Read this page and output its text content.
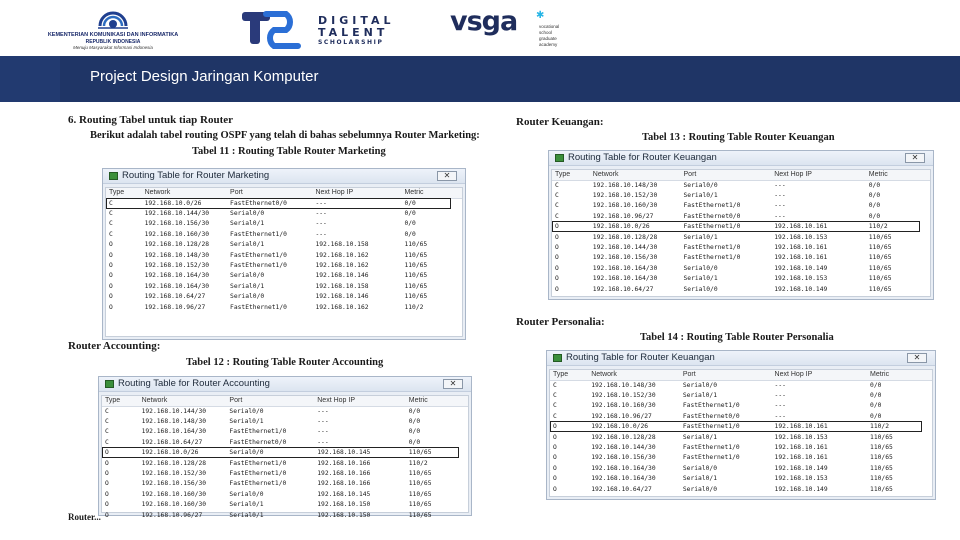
KEMENTERIAN KOMUNIKASI DAN INFORMATIKA
REPUBLIK INDONESIA
Menuju Masyarakat Informasi Indonesia
DIGITAL
TALENT
SCHOLARSHIP
vsga ✱
vocational
school
graduate
academy
Project Design Jaringan Komputer
6. Routing Tabel untuk tiap Router
Berikut adalah tabel routing OSPF yang telah di bahas sebelumnya Router Marketing:
Tabel 11 : Routing Table Router Marketing
Routing Table for Router Marketing	✕
Type	Network	Port	Next Hop IP	Metric
C	192.168.10.0/26	FastEthernet0/0	---	0/0
C	192.168.10.144/30	Serial0/0	---	0/0
C	192.168.10.156/30	Serial0/1	---	0/0
C	192.168.10.160/30	FastEthernet1/0	---	0/0
O	192.168.10.128/28	Serial0/1	192.168.10.158	110/65
O	192.168.10.148/30	FastEthernet1/0	192.168.10.162	110/65
O	192.168.10.152/30	FastEthernet1/0	192.168.10.162	110/65
O	192.168.10.164/30	Serial0/0	192.168.10.146	110/65
O	192.168.10.164/30	Serial0/1	192.168.10.158	110/65
O	192.168.10.64/27	Serial0/0	192.168.10.146	110/65
O	192.168.10.96/27	FastEthernet1/0	192.168.10.162	110/2
Router Accounting:
Tabel 12 : Routing Table Router Accounting
Routing Table for Router Accounting	✕
Type	Network	Port	Next Hop IP	Metric
C	192.168.10.144/30	Serial0/0	---	0/0
C	192.168.10.148/30	Serial0/1	---	0/0
C	192.168.10.164/30	FastEthernet1/0	---	0/0
C	192.168.10.64/27	FastEthernet0/0	---	0/0
O	192.168.10.0/26	Serial0/0	192.168.10.145	110/65
O	192.168.10.128/28	FastEthernet1/0	192.168.10.166	110/2
O	192.168.10.152/30	FastEthernet1/0	192.168.10.166	110/65
O	192.168.10.156/30	FastEthernet1/0	192.168.10.166	110/65
O	192.168.10.160/30	Serial0/0	192.168.10.145	110/65
O	192.168.10.160/30	Serial0/1	192.168.10.150	110/65
O	192.168.10.96/27	Serial0/1	192.168.10.150	110/65
Router...
Router Keuangan:
Tabel 13 : Routing Table Router Keuangan
Routing Table for Router Keuangan	✕
Type	Network	Port	Next Hop IP	Metric
C	192.168.10.148/30	Serial0/0	---	0/0
C	192.168.10.152/30	Serial0/1	---	0/0
C	192.168.10.160/30	FastEthernet1/0	---	0/0
C	192.168.10.96/27	FastEthernet0/0	---	0/0
O	192.168.10.0/26	FastEthernet1/0	192.168.10.161	110/2
O	192.168.10.128/28	Serial0/1	192.168.10.153	110/65
O	192.168.10.144/30	FastEthernet1/0	192.168.10.161	110/65
O	192.168.10.156/30	FastEthernet1/0	192.168.10.161	110/65
O	192.168.10.164/30	Serial0/0	192.168.10.149	110/65
O	192.168.10.164/30	Serial0/1	192.168.10.153	110/65
O	192.168.10.64/27	Serial0/0	192.168.10.149	110/65
Router Personalia:
Tabel 14 : Routing Table Router Personalia
Routing Table for Router Keuangan	✕
Type	Network	Port	Next Hop IP	Metric
C	192.168.10.148/30	Serial0/0	---	0/0
C	192.168.10.152/30	Serial0/1	---	0/0
C	192.168.10.160/30	FastEthernet1/0	---	0/0
C	192.168.10.96/27	FastEthernet0/0	---	0/0
O	192.168.10.0/26	FastEthernet1/0	192.168.10.161	110/2
O	192.168.10.128/28	Serial0/1	192.168.10.153	110/65
O	192.168.10.144/30	FastEthernet1/0	192.168.10.161	110/65
O	192.168.10.156/30	FastEthernet1/0	192.168.10.161	110/65
O	192.168.10.164/30	Serial0/0	192.168.10.149	110/65
O	192.168.10.164/30	Serial0/1	192.168.10.153	110/65
O	192.168.10.64/27	Serial0/0	192.168.10.149	110/65
